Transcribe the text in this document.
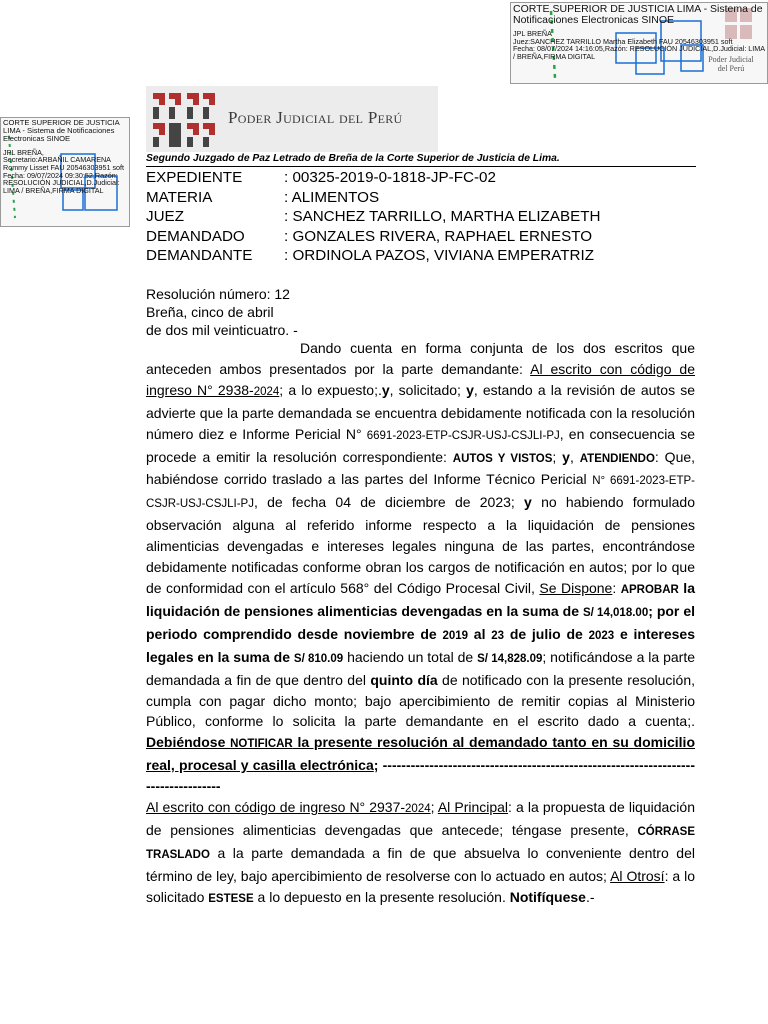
CORTE SUPERIOR DE JUSTICIA LIMA - Sistema de Notificaciones Electronicas SINOE
JPL BREÑA
Juez:SANCHEZ TARRILLO Martha Elizabeth FAU 20546303951 soft
Fecha: 08/07/2024 14:16:05,Razón: RESOLUCIÓN JUDICIAL,D.Judicial: LIMA / BREÑA,FIRMA DIGITAL	Poder Judicial
del Perú
CORTE SUPERIOR DE JUSTICIA LIMA - Sistema de Notificaciones Electronicas SINOE
JPL BREÑA,
Secretario:ARBAÑIL CAMARENA Rommy Lisset FAU 20546303951 soft
Fecha: 09/07/2024 09:30:52,Razón: RESOLUCIÓN JUDICIAL,D.Judicial: LIMA / BREÑA,FIRMA DIGITAL
Poder Judicial del Perú
Segundo Juzgado de Paz Letrado de Breña de la Corte Superior de Justicia de Lima.
EXPEDIENTE	: 00325-2019-0-1818-JP-FC-02
MATERIA	: ALIMENTOS
JUEZ	: SANCHEZ TARRILLO, MARTHA ELIZABETH
DEMANDADO	: GONZALES RIVERA, RAPHAEL ERNESTO
DEMANDANTE	: ORDINOLA PAZOS, VIVIANA EMPERATRIZ
Resolución número: 12
Breña, cinco de abril
de dos mil veinticuatro. -

Dando cuenta en forma conjunta de los dos escritos que anteceden ambos presentados por la parte demandante: Al escrito con código de ingreso N° 2938-2024; a lo expuesto;.y, solicitado; y, estando a la revisión de autos se advierte que la parte demandada se encuentra debidamente notificada con la resolución número diez e Informe Pericial N° 6691-2023-ETP-CSJR-USJ-CSJLI-PJ, en consecuencia se procede a emitir la resolución correspondiente: AUTOS Y VISTOS; y, ATENDIENDO: Que, habiéndose corrido traslado a las partes del Informe Técnico Pericial N° 6691-2023-ETP-CSJR-USJ-CSJLI-PJ, de fecha 04 de diciembre de 2023; y no habiendo formulado observación alguna al referido informe respecto a la liquidación de pensiones alimenticias devengadas e intereses legales ninguna de las partes, encontrándose debidamente notificadas conforme obran los cargos de notificación en autos; por lo que de conformidad con el artículo 568° del Código Procesal Civil, Se Dispone: APROBAR la liquidación de pensiones alimenticias devengadas en la suma de S/ 14,018.00; por el periodo comprendido desde noviembre de 2019 al 23 de julio de 2023 e intereses legales en la suma de S/ 810.09 haciendo un total de S/ 14,828.09; notificándose a la parte demandada a fin de que dentro del quinto día de notificado con la presente resolución, cumpla con pagar dicho monto; bajo apercibimiento de remitir copias al Ministerio Público, conforme lo solicita la parte demandante en el escrito dado a cuenta;. Debiéndose NOTIFICAR la presente resolución al demandado tanto en su domicilio real, procesal y casilla electrónica; -----------------------------------------------------------------------------------

Al escrito con código de ingreso N° 2937-2024; Al Principal: a la propuesta de liquidación de pensiones alimenticias devengadas que antecede; téngase presente, CÓRRASE TRASLADO a la parte demandada a fin de que absuelva lo conveniente dentro del término de ley, bajo apercibimiento de resolverse con lo actuado en autos; Al Otrosí: a lo solicitado ESTESE a lo depuesto en la presente resolución. Notifíquese.-
